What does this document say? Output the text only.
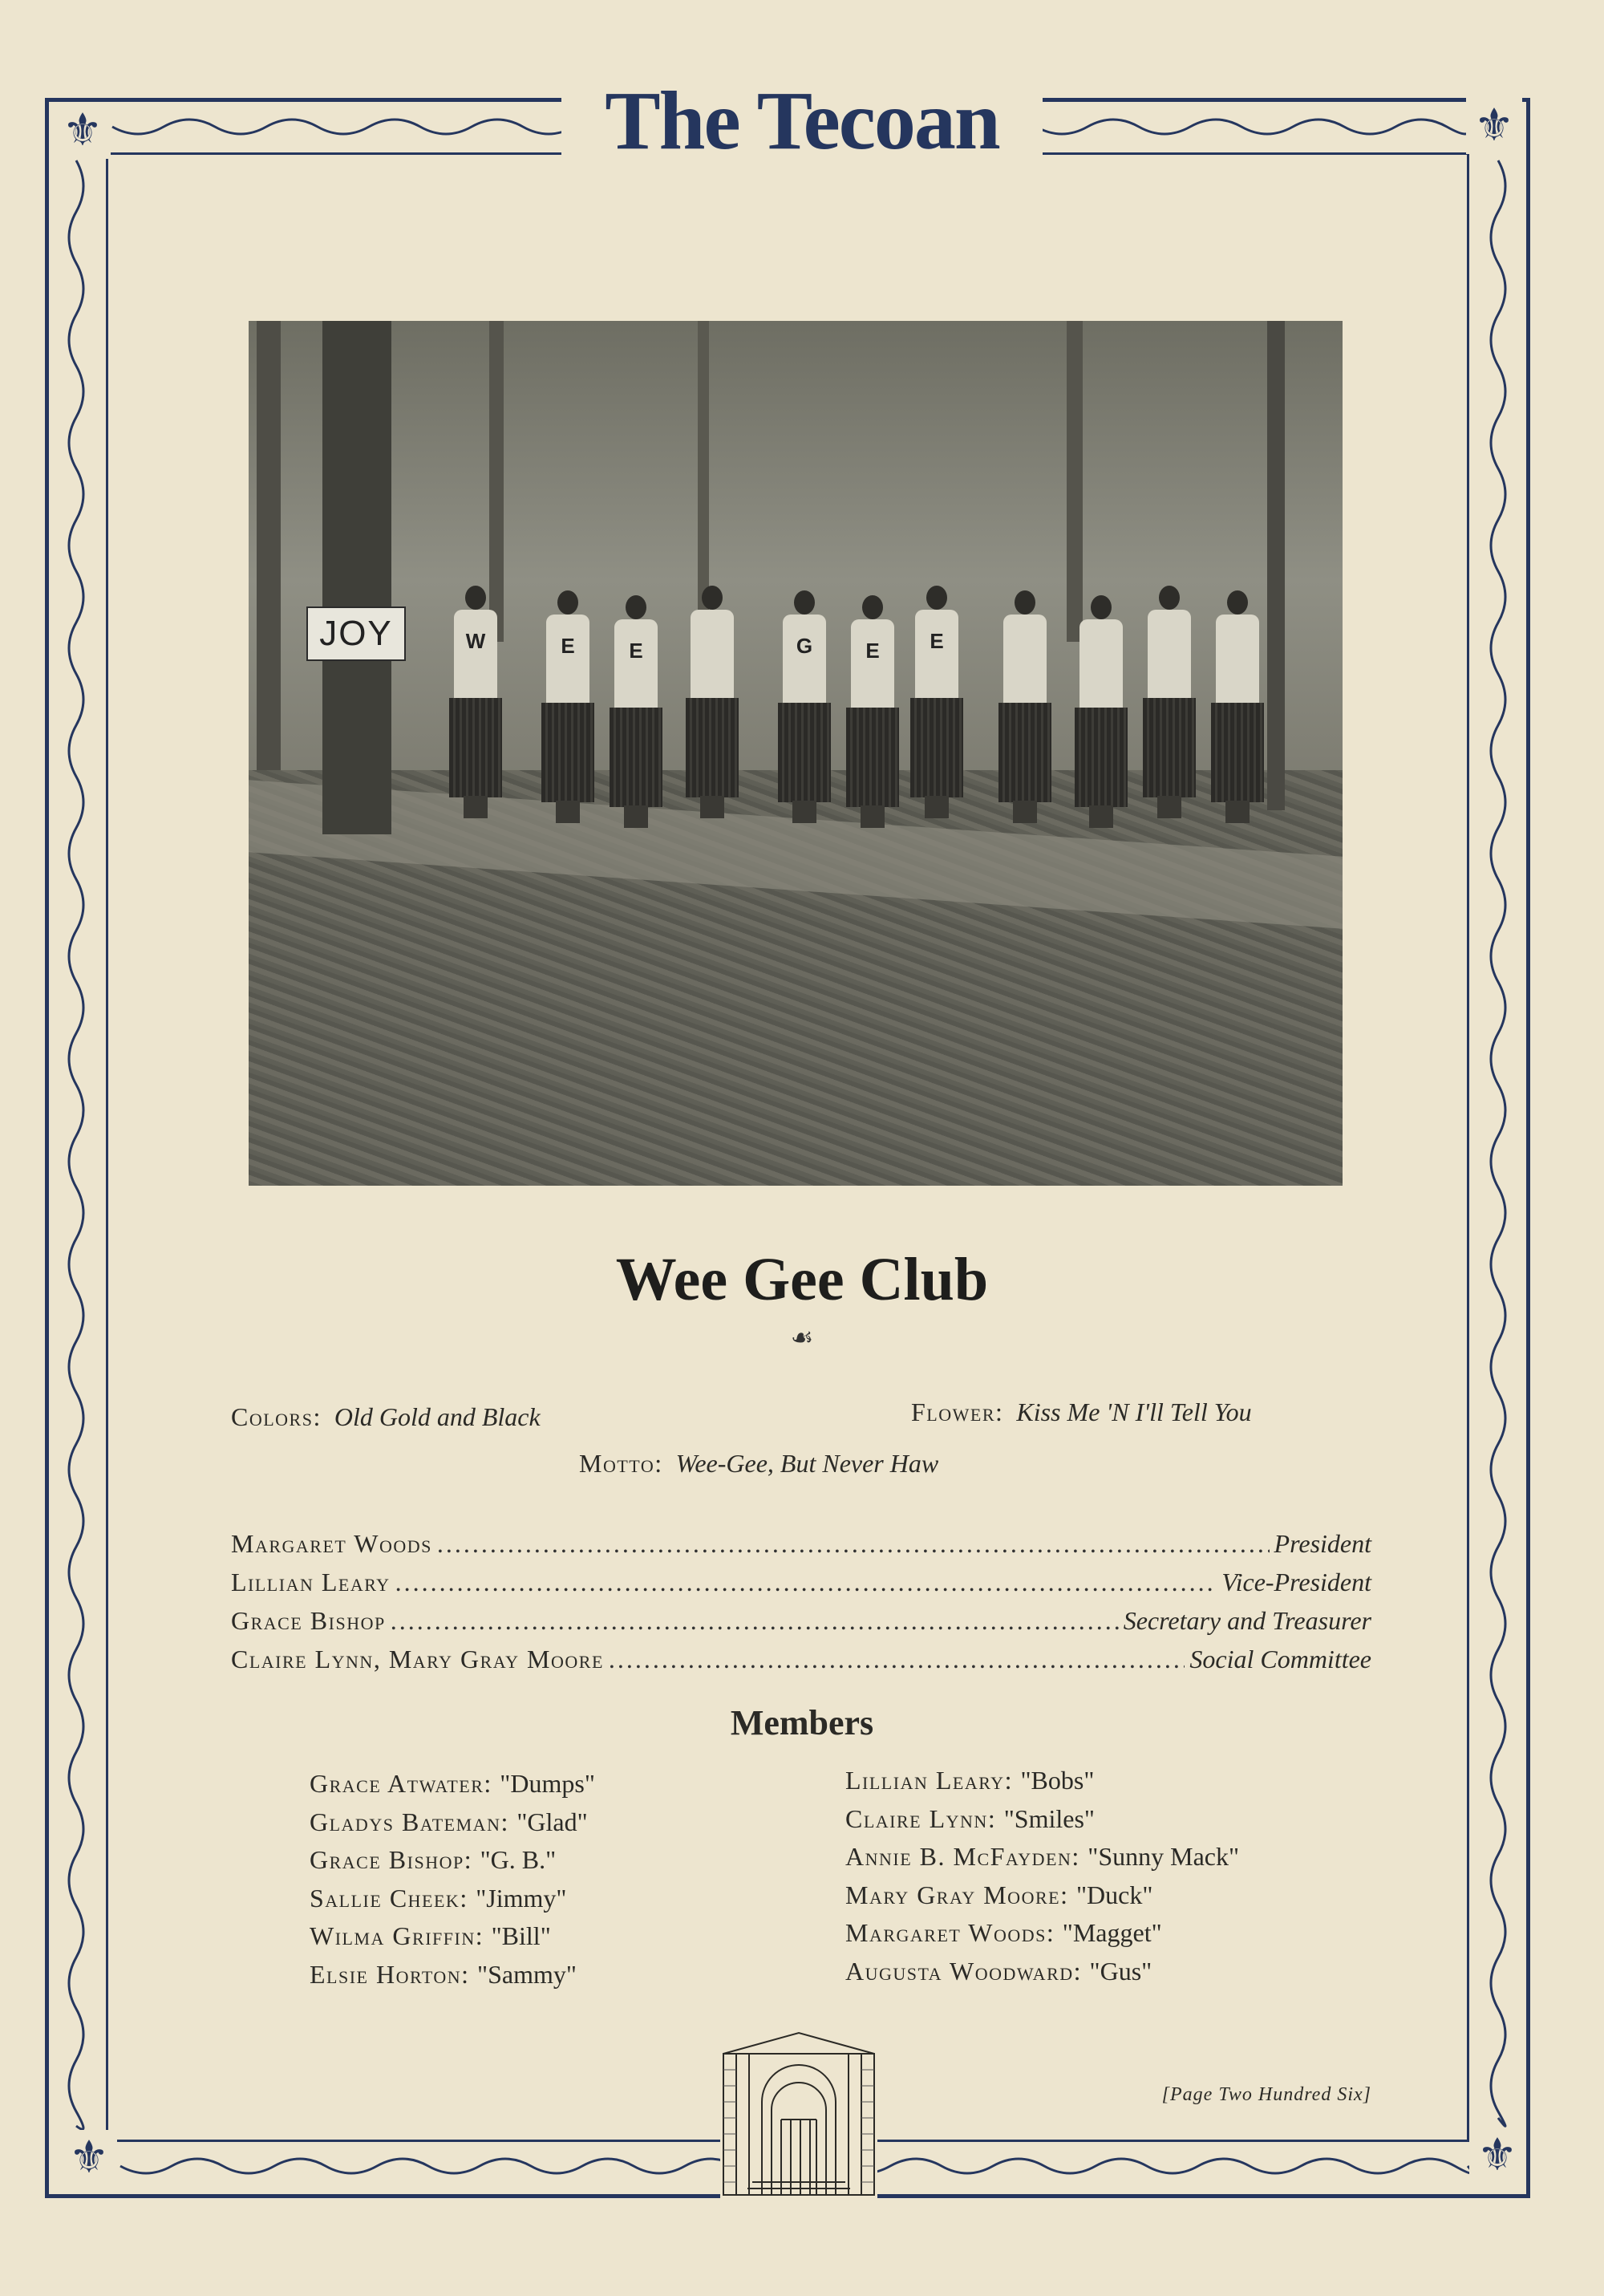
⚜	⚜
⚜	⚜
The Tecoan
JOY	W	E	E	G	E	E
Wee Gee Club
☙
Colors: Old Gold and Black	Flower: Kiss Me 'N I'll Tell You
Motto: Wee-Gee, But Never Haw
Margaret Woods .....	President
Lillian Leary .....	Vice-President
Grace Bishop .....	Secretary and Treasurer
Claire Lynn, Mary Gray Moore .....	Social Committee
Members
Grace Atwater: "Dumps"
Gladys Bateman: "Glad"
Grace Bishop: "G. B."
Sallie Cheek: "Jimmy"
Wilma Griffin: "Bill"
Elsie Horton: "Sammy"
Lillian Leary: "Bobs"
Claire Lynn: "Smiles"
Annie B. McFayden: "Sunny Mack"
Mary Gray Moore: "Duck"
Margaret Woods: "Magget"
Augusta Woodward: "Gus"
[Page Two Hundred Six]
